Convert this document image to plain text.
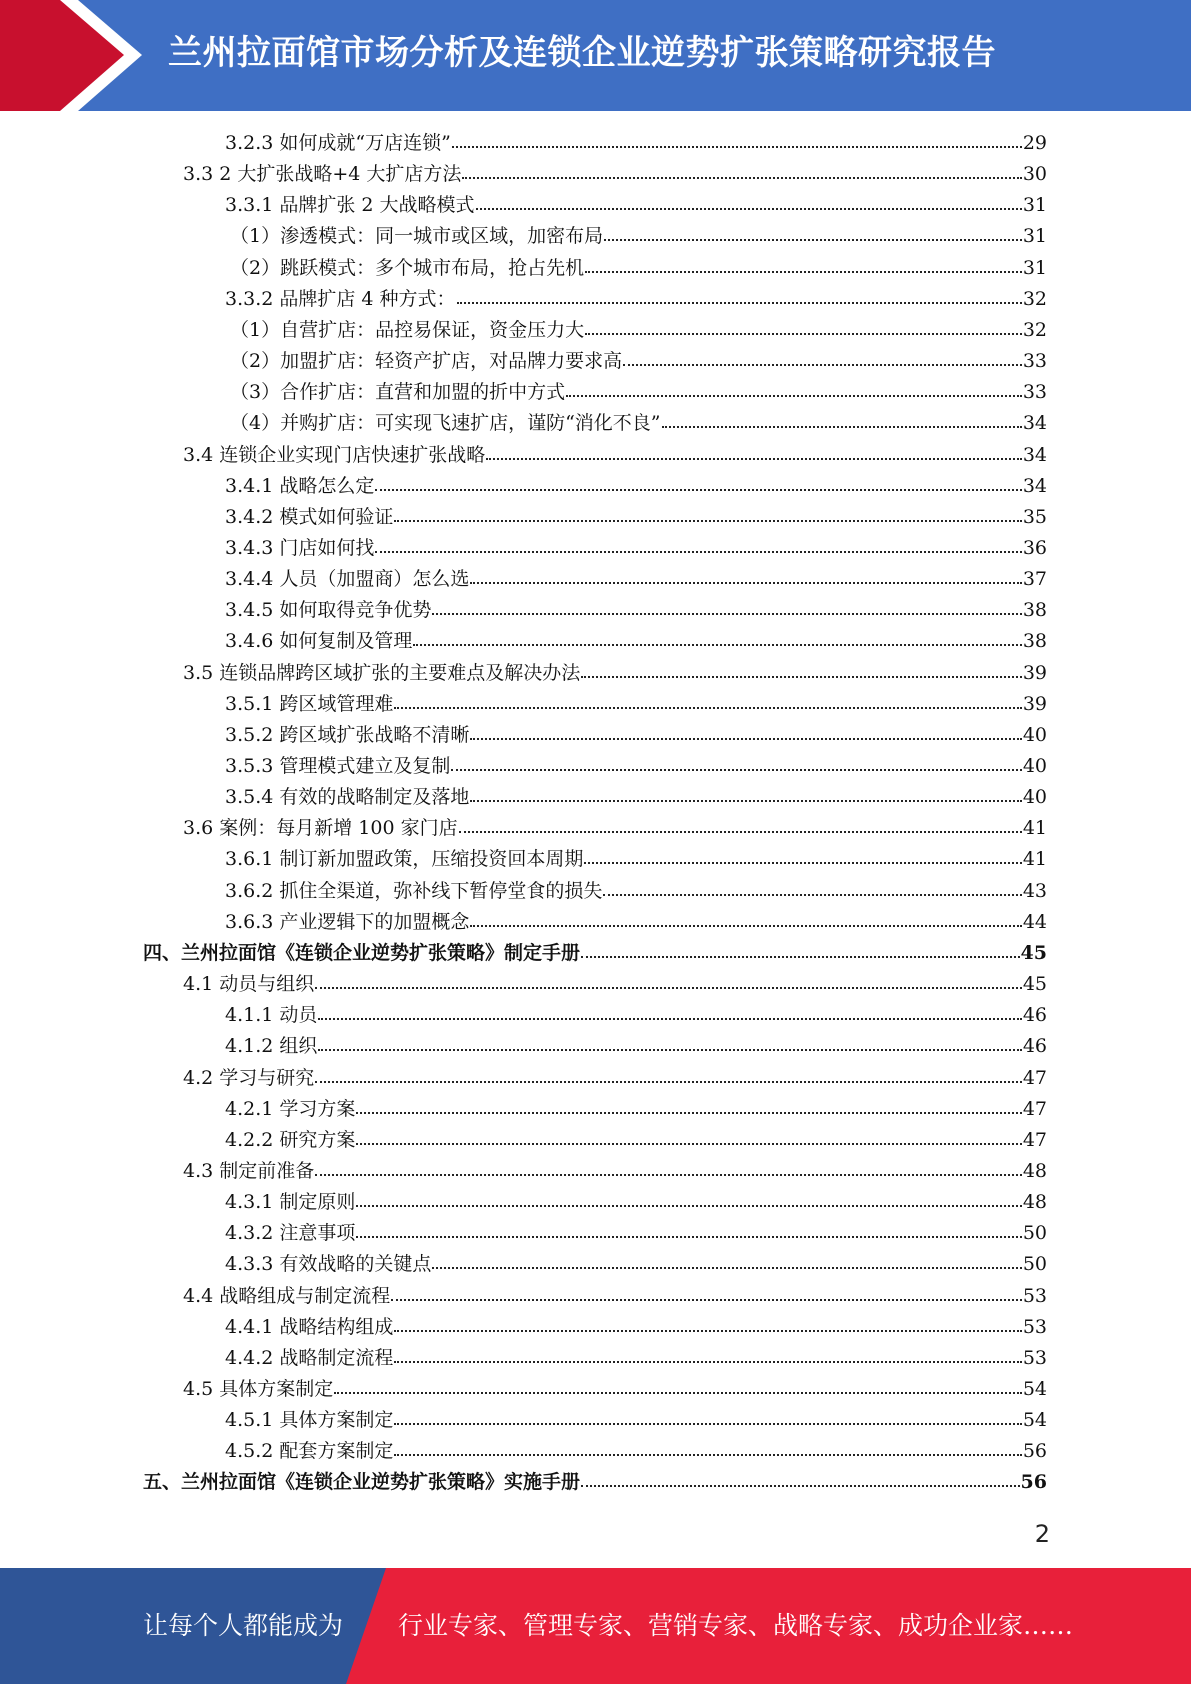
兰州拉面馆市场分析及连锁企业逆势扩张策略研究报告
3.2.3 如何成就“万店连锁”	29
3.3 2 大扩张战略+4 大扩店方法	30
3.3.1 品牌扩张 2 大战略模式	31
（1）渗透模式：同一城市或区域，加密布局	31
（2）跳跃模式：多个城市布局，抢占先机	31
3.3.2 品牌扩店 4 种方式：	32
（1）自营扩店：品控易保证，资金压力大	32
（2）加盟扩店：轻资产扩店，对品牌力要求高	33
（3）合作扩店：直营和加盟的折中方式	33
（4）并购扩店：可实现飞速扩店，谨防“消化不良”	34
3.4 连锁企业实现门店快速扩张战略	34
3.4.1 战略怎么定	34
3.4.2 模式如何验证	35
3.4.3 门店如何找	36
3.4.4 人员（加盟商）怎么选	37
3.4.5 如何取得竞争优势	38
3.4.6 如何复制及管理	38
3.5 连锁品牌跨区域扩张的主要难点及解决办法	39
3.5.1 跨区域管理难	39
3.5.2 跨区域扩张战略不清晰	40
3.5.3 管理模式建立及复制	40
3.5.4 有效的战略制定及落地	40
3.6 案例：每月新增 100 家门店	41
3.6.1 制订新加盟政策，压缩投资回本周期	41
3.6.2 抓住全渠道，弥补线下暂停堂食的损失	43
3.6.3 产业逻辑下的加盟概念	44
四、兰州拉面馆《连锁企业逆势扩张策略》制定手册	45
4.1 动员与组织	45
4.1.1 动员	46
4.1.2 组织	46
4.2 学习与研究	47
4.2.1 学习方案	47
4.2.2 研究方案	47
4.3 制定前准备	48
4.3.1 制定原则	48
4.3.2 注意事项	50
4.3.3 有效战略的关键点	50
4.4 战略组成与制定流程	53
4.4.1 战略结构组成	53
4.4.2 战略制定流程	53
4.5 具体方案制定	54
4.5.1 具体方案制定	54
4.5.2 配套方案制定	56
五、兰州拉面馆《连锁企业逆势扩张策略》实施手册	56
2
让每个人都能成为 行业专家、管理专家、营销专家、战略专家、成功企业家……
